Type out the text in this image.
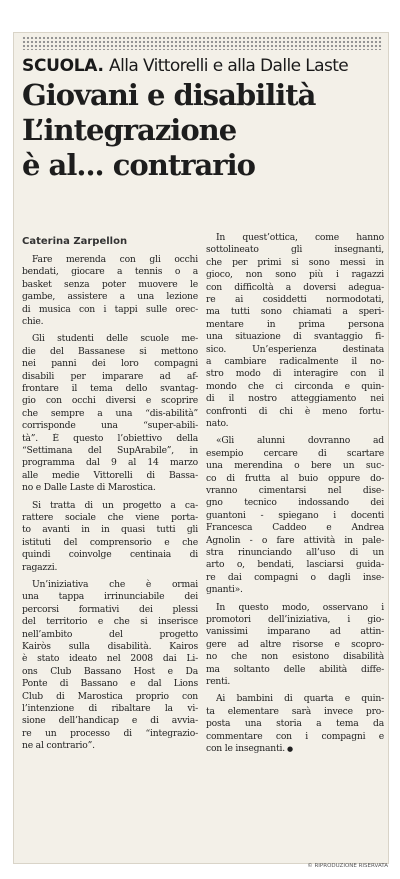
SCUOLA. Alla Vittorelli e alla Dalle Laste
Giovani e disabilità
L’integrazione
è al... contrario
Caterina Zarpellon
Fare merenda con gli occhi
bendati, giocare a tennis o a
basket senza poter muovere le
gambe, assistere a una lezione
di musica con i tappi sulle orec-
chie.
Gli studenti delle scuole me-
die del Bassanese si mettono
nei panni dei loro compagni
disabili per imparare ad af-
frontare il tema dello svantag-
gio con occhi diversi e scoprire
che sempre a una “dis-abilità”
corrisponde una “super-abili-
tà”. È questo l’obiettivo della
“Settimana del SupArabile”, in
programma dal 9 al 14 marzo
alle medie Vittorelli di Bassa-
no e Dalle Laste di Marostica.
Si tratta di un progetto a ca-
rattere sociale che viene porta-
to avanti in in quasi tutti gli
istituti del comprensorio e che
quindi coinvolge centinaia di
ragazzi.
Un’iniziativa che è ormai
una tappa irrinunciabile dei
percorsi formativi dei plessi
del territorio e che si inserisce
nell’ambito del progetto
Kairòs sulla disabilità. Kairos
è stato ideato nel 2008 dai Li-
ons Club Bassano Host e Da
Ponte di Bassano e dal Lions
Club di Marostica proprio con
l’intenzione di ribaltare la vi-
sione dell’handicap e di avvia-
re un processo di “integrazio-
ne al contrario”.
In quest’ottica, come hanno
sottolineato gli insegnanti,
che per primi si sono messi in
gioco, non sono più i ragazzi
con difficoltà a doversi adegua-
re ai cosiddetti normodotati,
ma tutti sono chiamati a speri-
mentare in prima persona
una situazione di svantaggio fi-
sico. Un’esperienza destinata
a cambiare radicalmente il no-
stro modo di interagire con il
mondo che ci circonda e quin-
di il nostro atteggiamento nei
confronti di chi è meno fortu-
nato.
«Gli alunni dovranno ad
esempio cercare di scartare
una merendina o bere un suc-
co di frutta al buio oppure do-
vranno cimentarsi nel dise-
gno tecnico indossando dei
guantoni - spiegano i docenti
Francesca Caddeo e Andrea
Agnolin - o fare attività in pale-
stra rinunciando all’uso di un
arto o, bendati, lasciarsi guida-
re dai compagni o dagli inse-
gnanti».
In questo modo, osservano i
promotori dell’iniziativa, i gio-
vanissimi imparano ad attin-
gere ad altre risorse e scopro-
no che non esistono disabilità
ma soltanto delle abilità diffe-
renti.
Ai bambini di quarta e quin-
ta elementare sarà invece pro-
posta una storia a tema da
commentare con i compagni e
con le insegnanti. ●
© RIPRODUZIONE RISERVATA
